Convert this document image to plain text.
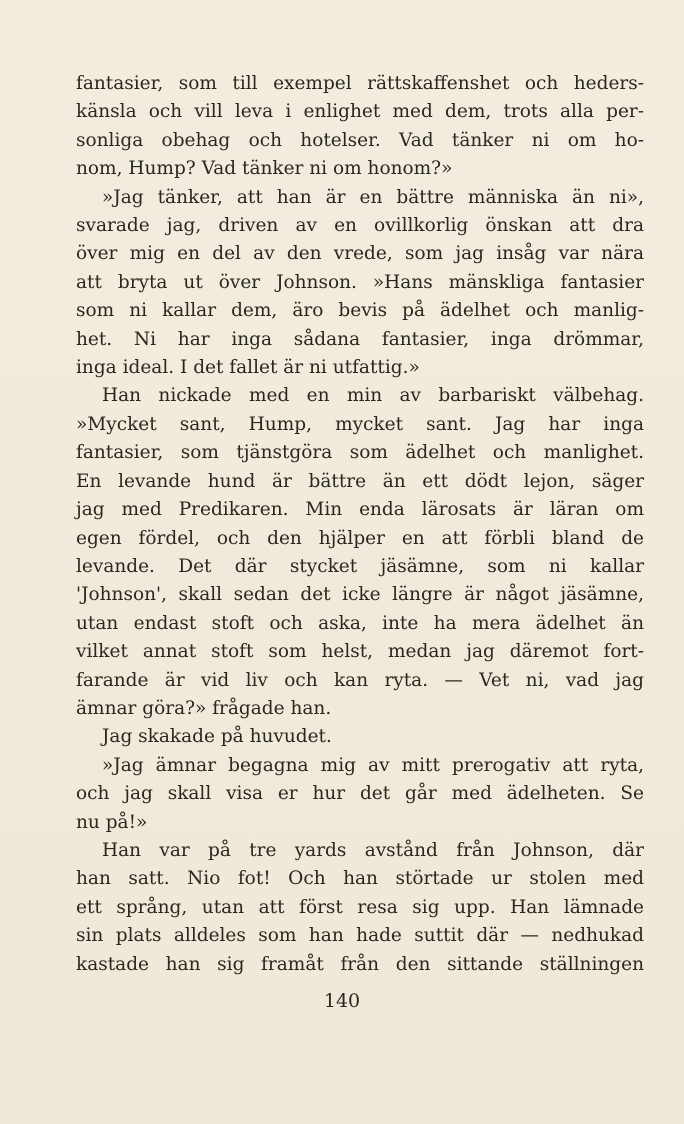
fantasier, som till exempel rättskaffenshet och heders-
känsla och vill leva i enlighet med dem, trots alla per-
sonliga obehag och hotelser. Vad tänker ni om ho-
nom, Hump? Vad tänker ni om honom?»
»Jag tänker, att han är en bättre människa än ni»,
svarade jag, driven av en ovillkorlig önskan att dra
över mig en del av den vrede, som jag insåg var nära
att bryta ut över Johnson. »Hans mänskliga fantasier
som ni kallar dem, äro bevis på ädelhet och manlig-
het. Ni har inga sådana fantasier, inga drömmar,
inga ideal. I det fallet är ni utfattig.»
Han nickade med en min av barbariskt välbehag.
»Mycket sant, Hump, mycket sant. Jag har inga
fantasier, som tjänstgöra som ädelhet och manlighet.
En levande hund är bättre än ett dödt lejon, säger
jag med Predikaren. Min enda lärosats är läran om
egen fördel, och den hjälper en att förbli bland de
levande. Det där stycket jäsämne, som ni kallar
'Johnson', skall sedan det icke längre är något jäsämne,
utan endast stoft och aska, inte ha mera ädelhet än
vilket annat stoft som helst, medan jag däremot fort-
farande är vid liv och kan ryta. — Vet ni, vad jag
ämnar göra?» frågade han.
Jag skakade på huvudet.
»Jag ämnar begagna mig av mitt prerogativ att ryta,
och jag skall visa er hur det går med ädelheten. Se
nu på!»
Han var på tre yards avstånd från Johnson, där
han satt. Nio fot! Och han störtade ur stolen med
ett språng, utan att först resa sig upp. Han lämnade
sin plats alldeles som han hade suttit där — nedhukad
kastade han sig framåt från den sittande ställningen
140
